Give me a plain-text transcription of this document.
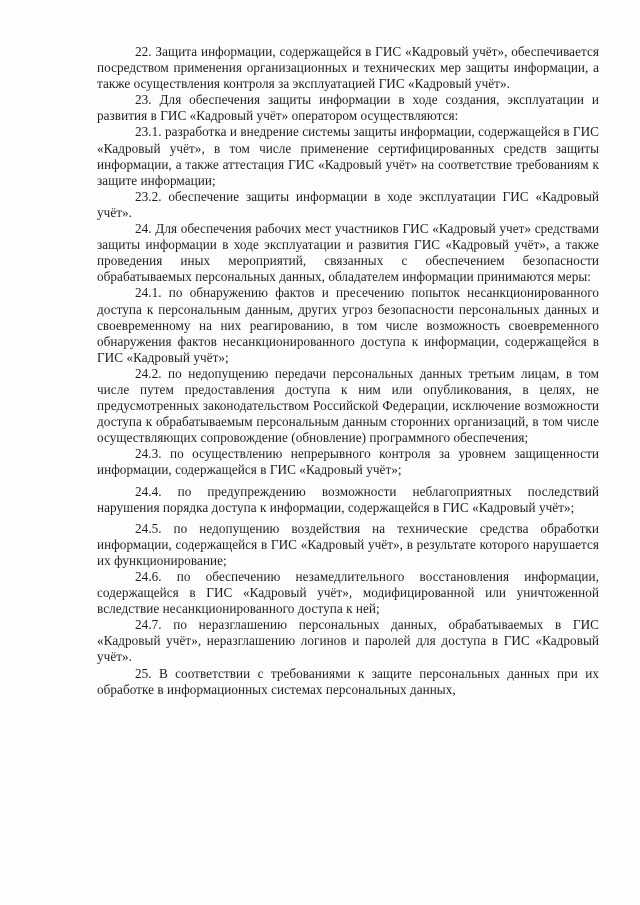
22. Защита информации, содержащейся в ГИС «Кадровый учёт», обеспечивается посредством применения организационных и технических мер защиты информации, а также осуществления контроля за эксплуатацией ГИС «Кадровый учёт».

23. Для обеспечения защиты информации в ходе создания, эксплуатации и развития в ГИС «Кадровый учёт» оператором осуществляются:

23.1. разработка и внедрение системы защиты информации, содержащейся в ГИС «Кадровый учёт», в том числе применение сертифицированных средств защиты информации, а также аттестация ГИС «Кадровый учёт» на соответствие требованиям к защите информации;

23.2. обеспечение защиты информации в ходе эксплуатации ГИС «Кадровый учёт».

24. Для обеспечения рабочих мест участников ГИС «Кадровый учет» средствами защиты информации в ходе эксплуатации и развития ГИС «Кадровый учёт», а также проведения иных мероприятий, связанных с обеспечением безопасности обрабатываемых персональных данных, обладателем информации принимаются меры:

24.1. по обнаружению фактов и пресечению попыток несанкционированного доступа к персональным данным, других угроз безопасности персональных данных и своевременному на них реагированию, в том числе возможность своевременного обнаружения фактов несанкционированного доступа к информации, содержащейся в ГИС «Кадровый учёт»;

24.2. по недопущению передачи персональных данных третьим лицам, в том числе путем предоставления доступа к ним или опубликования, в целях, не предусмотренных законодательством Российской Федерации, исключение возможности доступа к обрабатываемым персональным данным сторонних организаций, в том числе осуществляющих сопровождение (обновление) программного обеспечения;

24.3. по осуществлению непрерывного контроля за уровнем защищенности информации, содержащейся в ГИС «Кадровый учёт»;

24.4. по предупреждению возможности неблагоприятных последствий нарушения порядка доступа к информации, содержащейся в ГИС «Кадровый учёт»;

24.5. по недопущению воздействия на технические средства обработки информации, содержащейся в ГИС «Кадровый учёт», в результате которого нарушается их функционирование;

24.6. по обеспечению незамедлительного восстановления информации, содержащейся в ГИС «Кадровый учёт», модифицированной или уничтоженной вследствие несанкционированного доступа к ней;

24.7. по неразглашению персональных данных, обрабатываемых в ГИС «Кадровый учёт», неразглашению логинов и паролей для доступа в ГИС «Кадровый учёт».

25. В соответствии с требованиями к защите персональных данных при их обработке в информационных системах персональных данных,
